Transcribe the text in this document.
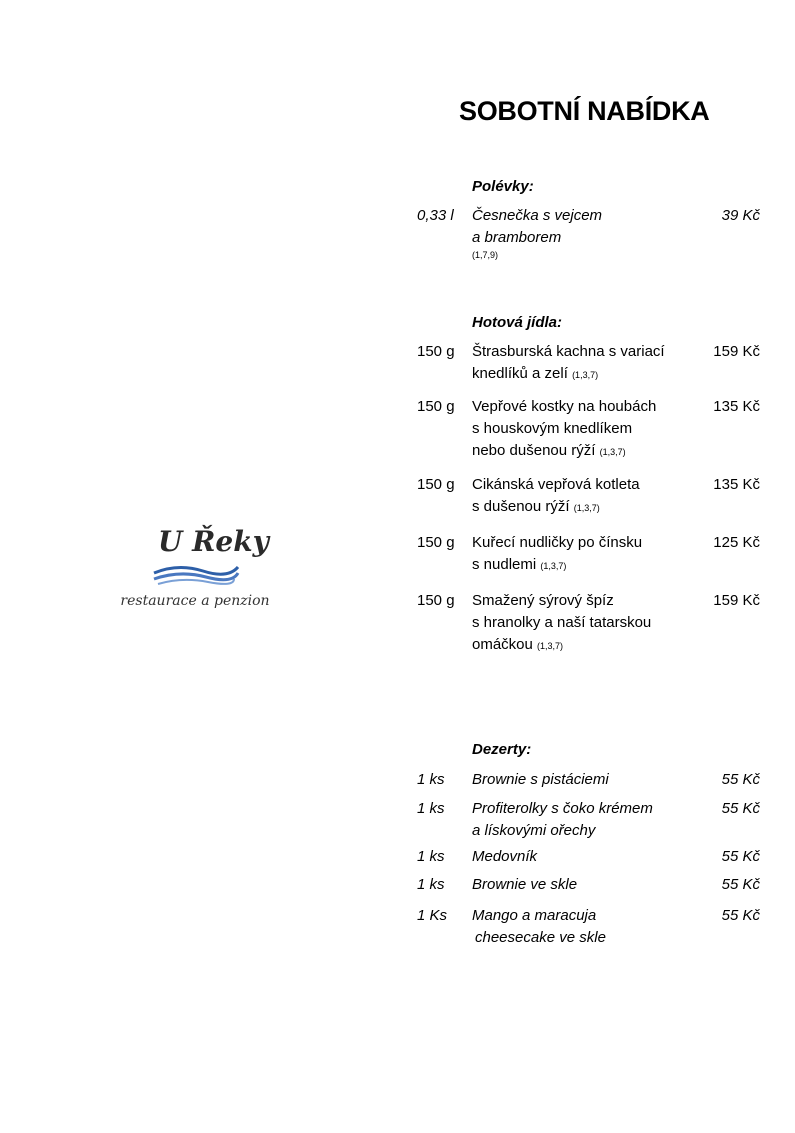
SOBOTNÍ NABÍDKA
U Řeky
restaurace a penzion
Polévky:
0,33 l Česnečka s vejcem
a bramborem
(1,7,9)
39 Kč
Hotová jídla:
150 g Štrasburská kachna s variací
knedlíků a zelí (1,3,7)
159 Kč
150 g Vepřové kostky na houbách
s houskovým knedlíkem
nebo dušenou rýží (1,3,7)
135 Kč
150 g Cikánská vepřová kotleta
s dušenou rýží (1,3,7)
135 Kč
150 g Kuřecí nudličky po čínsku
s nudlemi (1,3,7)
125 Kč
150 g Smažený sýrový špíz
s hranolky a naší tatarskou
omáčkou (1,3,7)
159 Kč
Dezerty:
1 ks Brownie s pistáciemi	55 Kč
1 ks Profiterolky s čoko krémem
a lískovými ořechy
55 Kč
1 ks Medovník	55 Kč
1 ks Brownie ve skle	55 Kč
1 Ks Mango a maracuja
cheesecake ve skle
55 Kč
